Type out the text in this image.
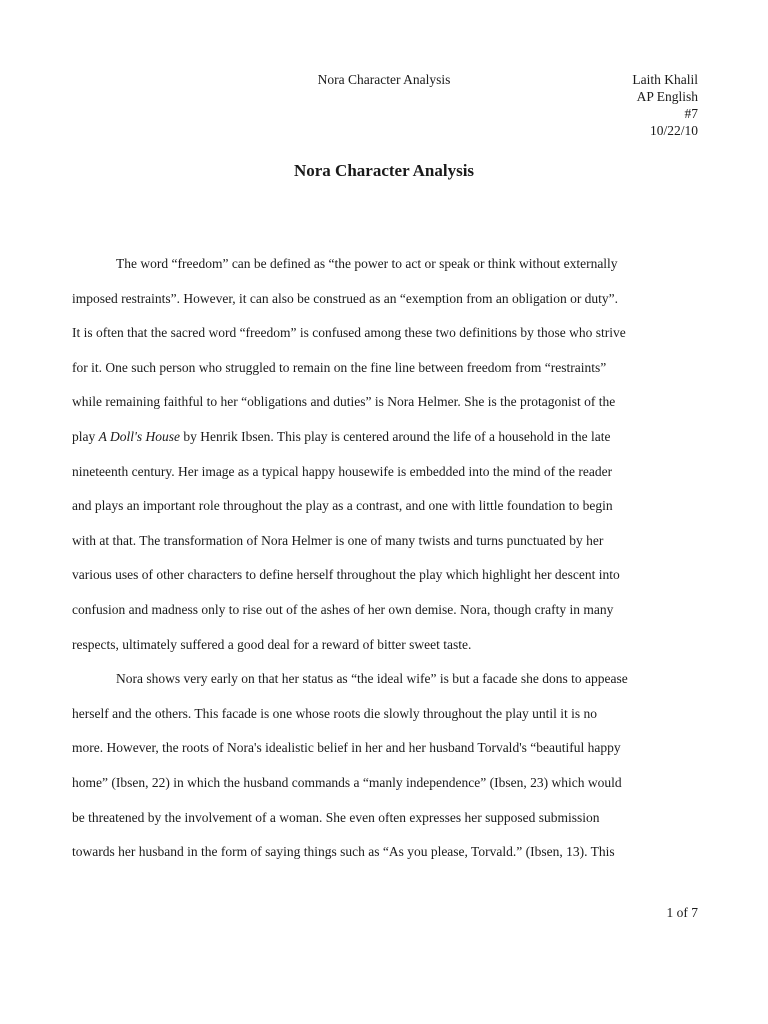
Nora Character Analysis	Laith Khalil
AP English
#7
10/22/10
Nora Character Analysis
The word “freedom” can be defined as “the power to act or speak or think without externally
imposed restraints”. However, it can also be construed as an “exemption from an obligation or duty”.
It is often that the sacred word “freedom” is confused among these two definitions by those who strive
for it. One such person who struggled to remain on the fine line between freedom from “restraints”
while remaining faithful to her “obligations and duties” is Nora Helmer. She is the protagonist of the
play A Doll's House by Henrik Ibsen. This play is centered around the life of a household in the late
nineteenth century. Her image as a typical happy housewife is embedded into the mind of the reader
and plays an important role throughout the play as a contrast, and one with little foundation to begin
with at that. The transformation of Nora Helmer is one of many twists and turns punctuated by her
various uses of other characters to define herself throughout the play which highlight her descent into
confusion and madness only to rise out of the ashes of her own demise. Nora, though crafty in many
respects, ultimately suffered a good deal for a reward of bitter sweet taste.
Nora shows very early on that her status as “the ideal wife” is but a facade she dons to appease
herself and the others. This facade is one whose roots die slowly throughout the play until it is no
more. However, the roots of Nora's idealistic belief in her and her husband Torvald's “beautiful happy
home” (Ibsen, 22) in which the husband commands a “manly independence” (Ibsen, 23) which would
be threatened by the involvement of a woman. She even often expresses her supposed submission
towards her husband in the form of saying things such as “As you please, Torvald.” (Ibsen, 13). This
1 of 7
